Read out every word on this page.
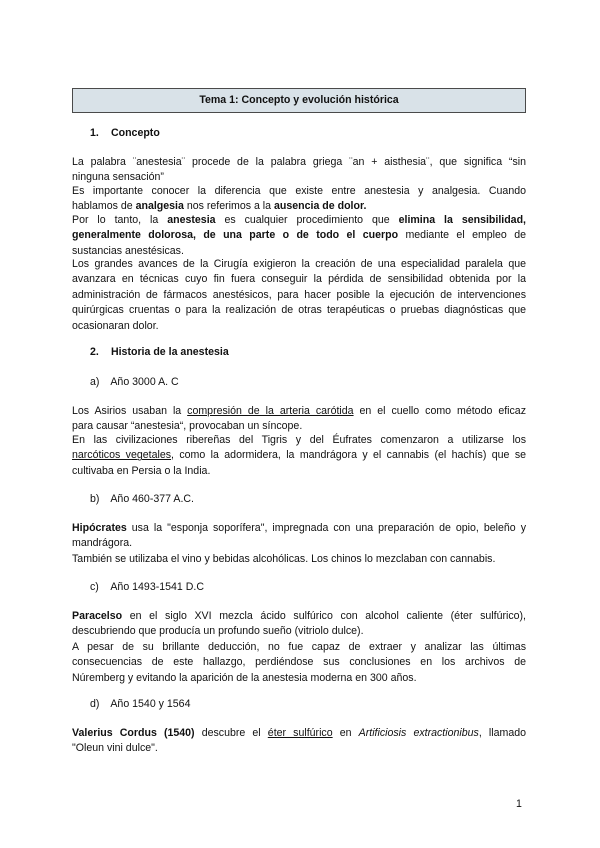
Tema 1: Concepto y evolución histórica
1. Concepto
La palabra ¨anestesia¨ procede de la palabra griega ¨an + aisthesia¨, que significa “sin
ninguna sensación”
Es importante conocer la diferencia que existe entre anestesia y analgesia. Cuando
hablamos de analgesia nos referimos a la ausencia de dolor.
Por lo tanto, la anestesia es cualquier procedimiento que elimina la sensibilidad,
generalmente dolorosa, de una parte o de todo el cuerpo mediante el empleo de
sustancias anestésicas.
Los grandes avances de la Cirugía exigieron la creación de una especialidad paralela que
avanzara en técnicas cuyo fin fuera conseguir la pérdida de sensibilidad obtenida por la
administración de fármacos anestésicos, para hacer posible la ejecución de intervenciones
quirúrgicas cruentas o para la realización de otras terapéuticas o pruebas diagnósticas que
ocasionaran dolor.
2. Historia de la anestesia
a) Año 3000 A. C
Los Asirios usaban la compresión de la arteria carótida en el cuello como método eficaz
para causar “anestesia“, provocaban un síncope.
En las civilizaciones ribereñas del Tigris y del Éufrates comenzaron a utilizarse los
narcóticos vegetales, como la adormidera, la mandrágora y el cannabis (el hachís) que se
cultivaba en Persia o la India.
b) Año 460-377 A.C.
Hipócrates usa la "esponja soporífera", impregnada con una preparación de opio, beleño y
mandrágora.
También se utilizaba el vino y bebidas alcohólicas. Los chinos lo mezclaban con cannabis.
c) Año 1493-1541 D.C
Paracelso en el siglo XVI mezcla ácido sulfúrico con alcohol caliente (éter sulfúrico),
descubriendo que producía un profundo sueño (vitriolo dulce).
A pesar de su brillante deducción, no fue capaz de extraer y analizar las últimas
consecuencias de este hallazgo, perdiéndose sus conclusiones en los archivos de
Núremberg y evitando la aparición de la anestesia moderna en 300 años.
d) Año 1540 y 1564
Valerius Cordus (1540) descubre el éter sulfúrico en Artificiosis extractionibus, llamado
"Oleun vini dulce".
1
